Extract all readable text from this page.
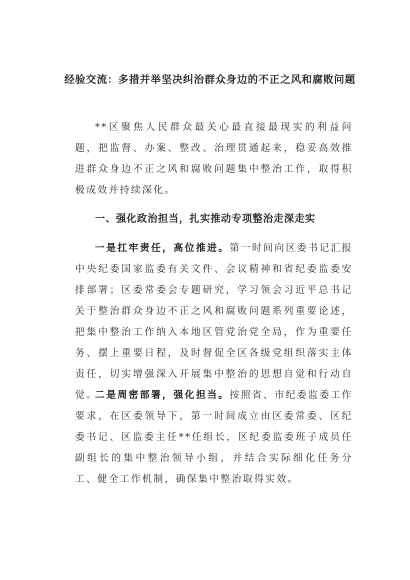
经验交流：多措并举坚决纠治群众身边的不正之风和腐败问题
**区聚焦人民群众最关心最直接最现实的利益问题，把监督、办案、整改、治理贯通起来，稳妥高效推进群众身边不正之风和腐败问题集中整治工作，取得积极成效并持续深化。
一、强化政治担当，扎实推动专项整治走深走实
一是扛牢责任，高位推进。第一时间向区委书记汇报中央纪委国家监委有关文件、会议精神和省纪委监委安排部署；区委常委会专题研究，学习领会习近平总书记关于整治群众身边不正之风和腐败问题系列重要论述，把集中整治工作纳入本地区管党治党全局，作为重要任务、摆上重要日程，及时督促全区各级党组织落实主体责任，切实增强深入开展集中整治的思想自觉和行动自觉。
二是周密部署，强化担当。按照省、市纪委监委工作要求，在区委领导下，第一时间成立由区委常委、区纪委书记、区监委主任**任组长，区纪委监委班子成员任副组长的集中整治领导小组，并结合实际细化任务分工、健全工作机制，确保集中整治取得实效。
